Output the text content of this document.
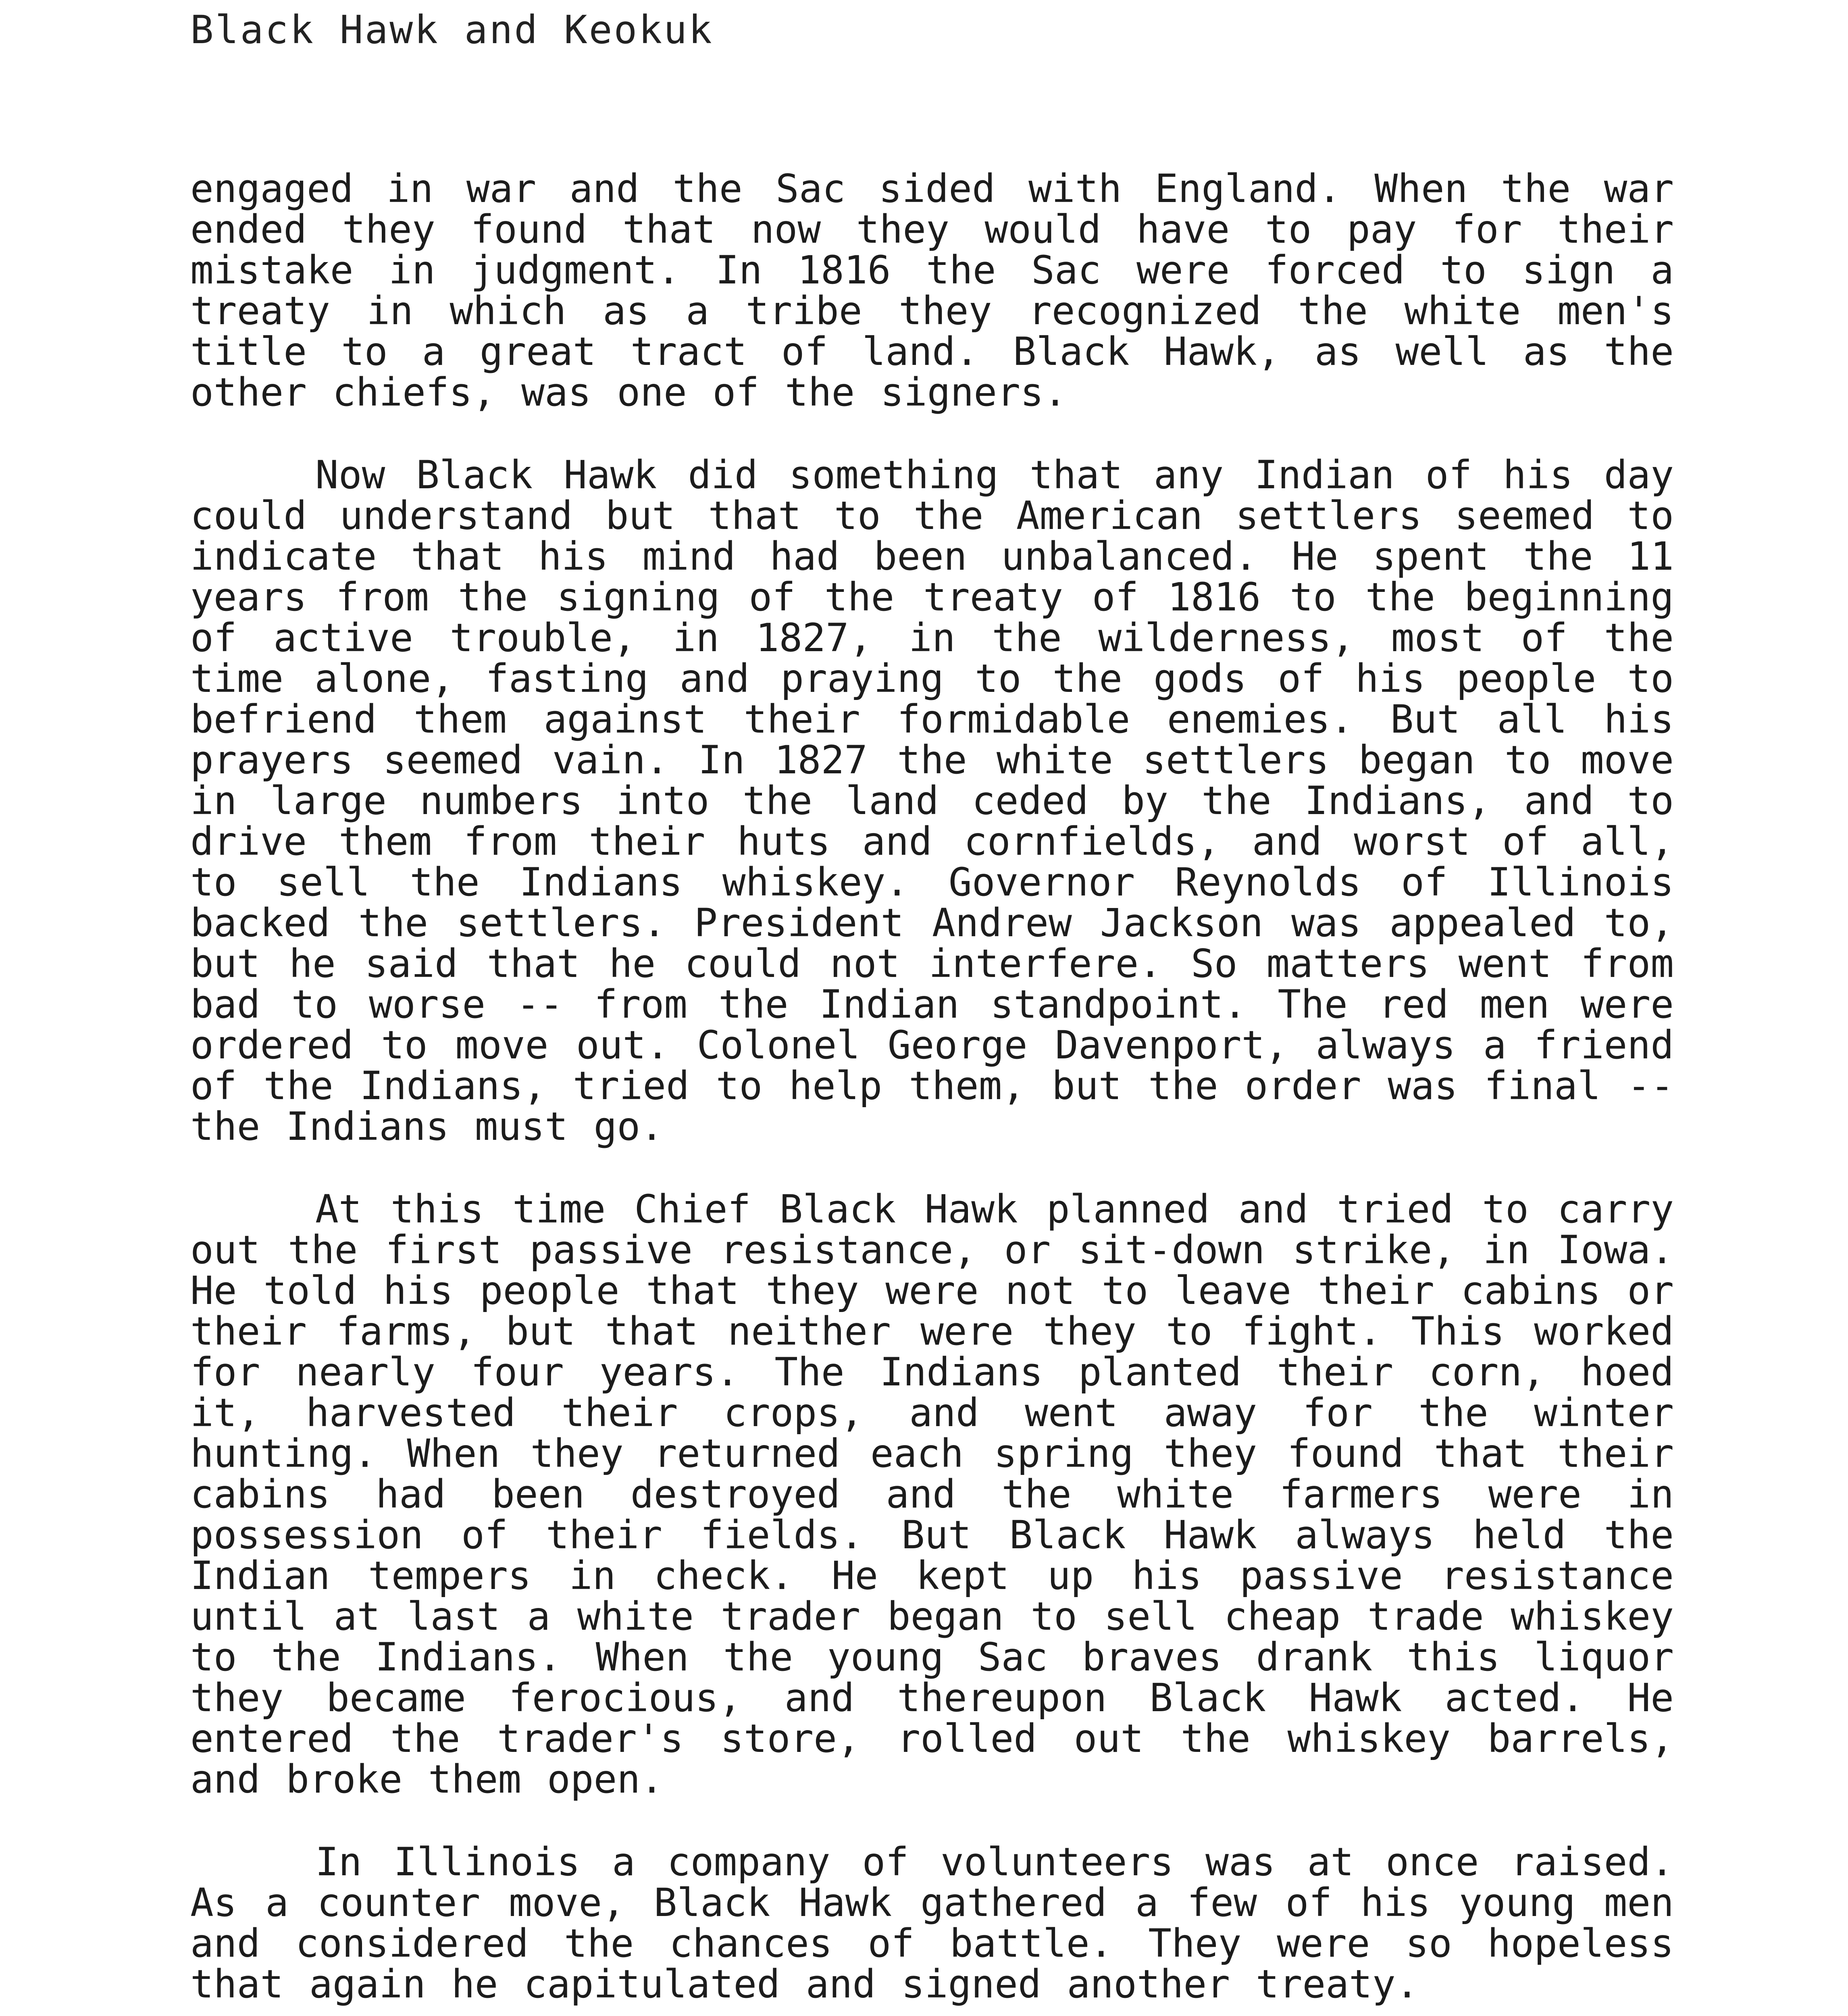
Black Hawk and Keokuk

engaged in war and the Sac sided with England. When the war ended they found that now they would have to pay for their mistake in judgment. In 1816 the Sac were forced to sign a treaty in which as a tribe they recognized the white men's title to a great tract of land. Black Hawk, as well as the other chiefs, was one of the signers.

Now Black Hawk did something that any Indian of his day could understand but that to the American settlers seemed to indicate that his mind had been unbalanced. He spent the 11 years from the signing of the treaty of 1816 to the beginning of active trouble, in 1827, in the wilderness, most of the time alone, fasting and praying to the gods of his people to befriend them against their formidable enemies. But all his prayers seemed vain. In 1827 the white settlers began to move in large numbers into the land ceded by the Indians, and to drive them from their huts and cornfields, and worst of all, to sell the Indians whiskey. Governor Reynolds of Illinois backed the settlers. President Andrew Jackson was appealed to, but he said that he could not interfere. So matters went from bad to worse -- from the Indian standpoint. The red men were ordered to move out. Colonel George Davenport, always a friend of the Indians, tried to help them, but the order was final -- the Indians must go.

At this time Chief Black Hawk planned and tried to carry out the first passive resistance, or sit-down strike, in Iowa. He told his people that they were not to leave their cabins or their farms, but that neither were they to fight. This worked for nearly four years. The Indians planted their corn, hoed it, harvested their crops, and went away for the winter hunting. When they returned each spring they found that their cabins had been destroyed and the white farmers were in possession of their fields. But Black Hawk always held the Indian tempers in check. He kept up his passive resistance until at last a white trader began to sell cheap trade whiskey to the Indians. When the young Sac braves drank this liquor they became ferocious, and thereupon Black Hawk acted. He entered the trader's store, rolled out the whiskey barrels, and broke them open.

In Illinois a company of volunteers was at once raised. As a counter move, Black Hawk gathered a few of his young men and considered the chances of battle. They were so hopeless that again he capitulated and signed another treaty.
